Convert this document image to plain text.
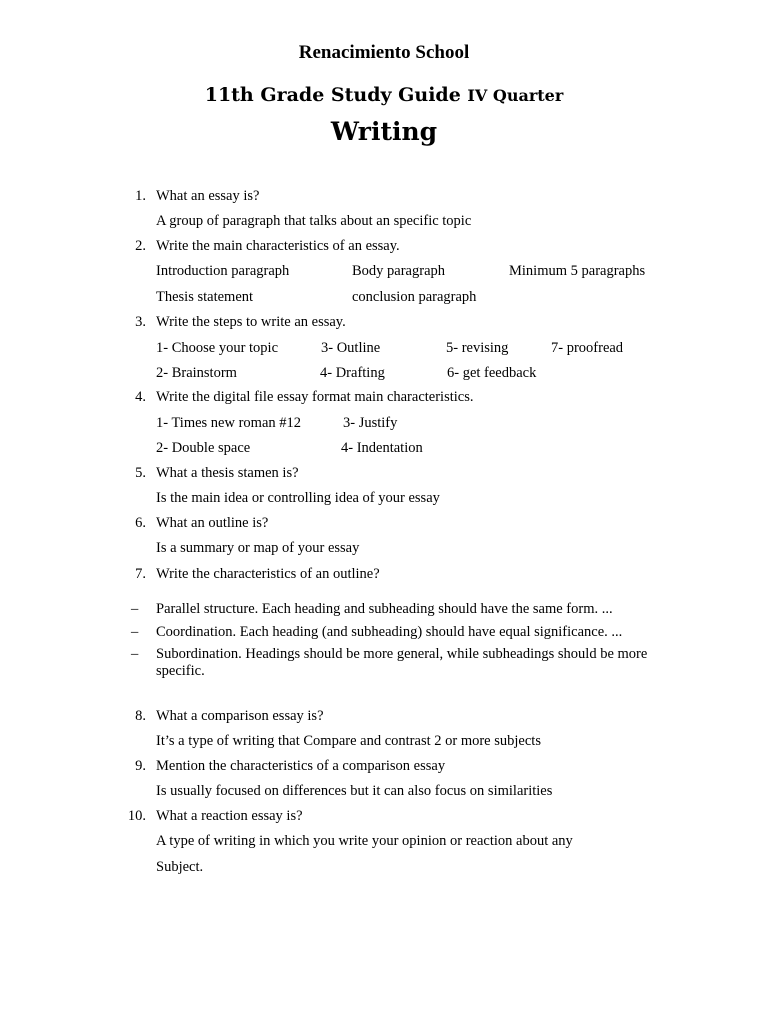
Renacimiento School
11th Grade Study Guide IV Quarter
Writing
1. What an essay is?
A group of paragraph that talks about an specific topic
2. Write the main characteristics of an essay.
Introduction paragraph	Body paragraph	Minimum 5 paragraphs
Thesis statement	conclusion paragraph
3. Write the steps to write an essay.
1- Choose your topic	3- Outline	5- revising	7- proofread
2- Brainstorm	4- Drafting	6- get feedback
4. Write the digital file essay format main characteristics.
1- Times new roman #12	3- Justify
2- Double space	4- Indentation
5. What a thesis stamen is?
Is the main idea or controlling idea of your essay
6. What an outline is?
Is a summary or map of your essay
7. Write the characteristics of an outline?
– Parallel structure. Each heading and subheading should have the same form. ...
– Coordination. Each heading (and subheading) should have equal significance. ...
– Subordination. Headings should be more general, while subheadings should be more specific.
8. What a comparison essay is?
It’s a type of writing that Compare and contrast 2 or more subjects
9. Mention the characteristics of a comparison essay
Is usually focused on differences but it can also focus on similarities
10. What a reaction essay is?
A type of writing in which you write your opinion or reaction about any
Subject.
